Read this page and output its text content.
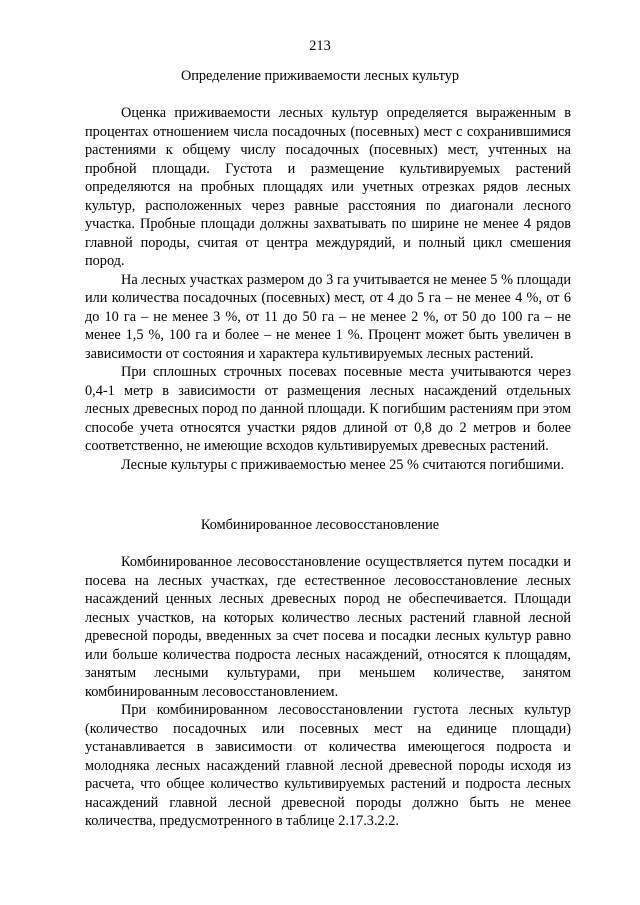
213

Определение приживаемости лесных культур

Оценка приживаемости лесных культур определяется выраженным в процентах отношением числа посадочных (посевных) мест с сохранившимися растениями к общему числу посадочных (посевных) мест, учтенных на пробной площади. Густота и размещение культивируемых растений определяются на пробных площадях или учетных отрезках рядов лесных культур, расположенных через равные расстояния по диагонали лесного участка. Пробные площади должны захватывать по ширине не менее 4 рядов главной породы, считая от центра междурядий, и полный цикл смешения пород.

На лесных участках размером до 3 га учитывается не менее 5 % площади или количества посадочных (посевных) мест, от 4 до 5 га – не менее 4 %, от 6 до 10 га – не менее 3 %, от 11 до 50 га – не менее 2 %, от 50 до 100 га – не менее 1,5 %, 100 га и более – не менее 1 %. Процент может быть увеличен в зависимости от состояния и характера культивируемых лесных растений.

При сплошных строчных посевах посевные места учитываются через 0,4-1 метр в зависимости от размещения лесных насаждений отдельных лесных древесных пород по данной площади. К погибшим растениям при этом способе учета относятся участки рядов длиной от 0,8 до 2 метров и более соответственно, не имеющие всходов культивируемых древесных растений.

Лесные культуры с приживаемостью менее 25 % считаются погибшими.

Комбинированное лесовосстановление

Комбинированное лесовосстановление осуществляется путем посадки и посева на лесных участках, где естественное лесовосстановление лесных насаждений ценных лесных древесных пород не обеспечивается. Площади лесных участков, на которых количество лесных растений главной лесной древесной породы, введенных за счет посева и посадки лесных культур равно или больше количества подроста лесных насаждений, относятся к площадям, занятым лесными культурами, при меньшем количестве, занятом комбинированным лесовосстановлением.

При комбинированном лесовосстановлении густота лесных культур (количество посадочных или посевных мест на единице площади) устанавливается в зависимости от количества имеющегося подроста и молодняка лесных насаждений главной лесной древесной породы исходя из расчета, что общее количество культивируемых растений и подроста лесных насаждений главной лесной древесной породы должно быть не менее количества, предусмотренного в таблице 2.17.3.2.2.
